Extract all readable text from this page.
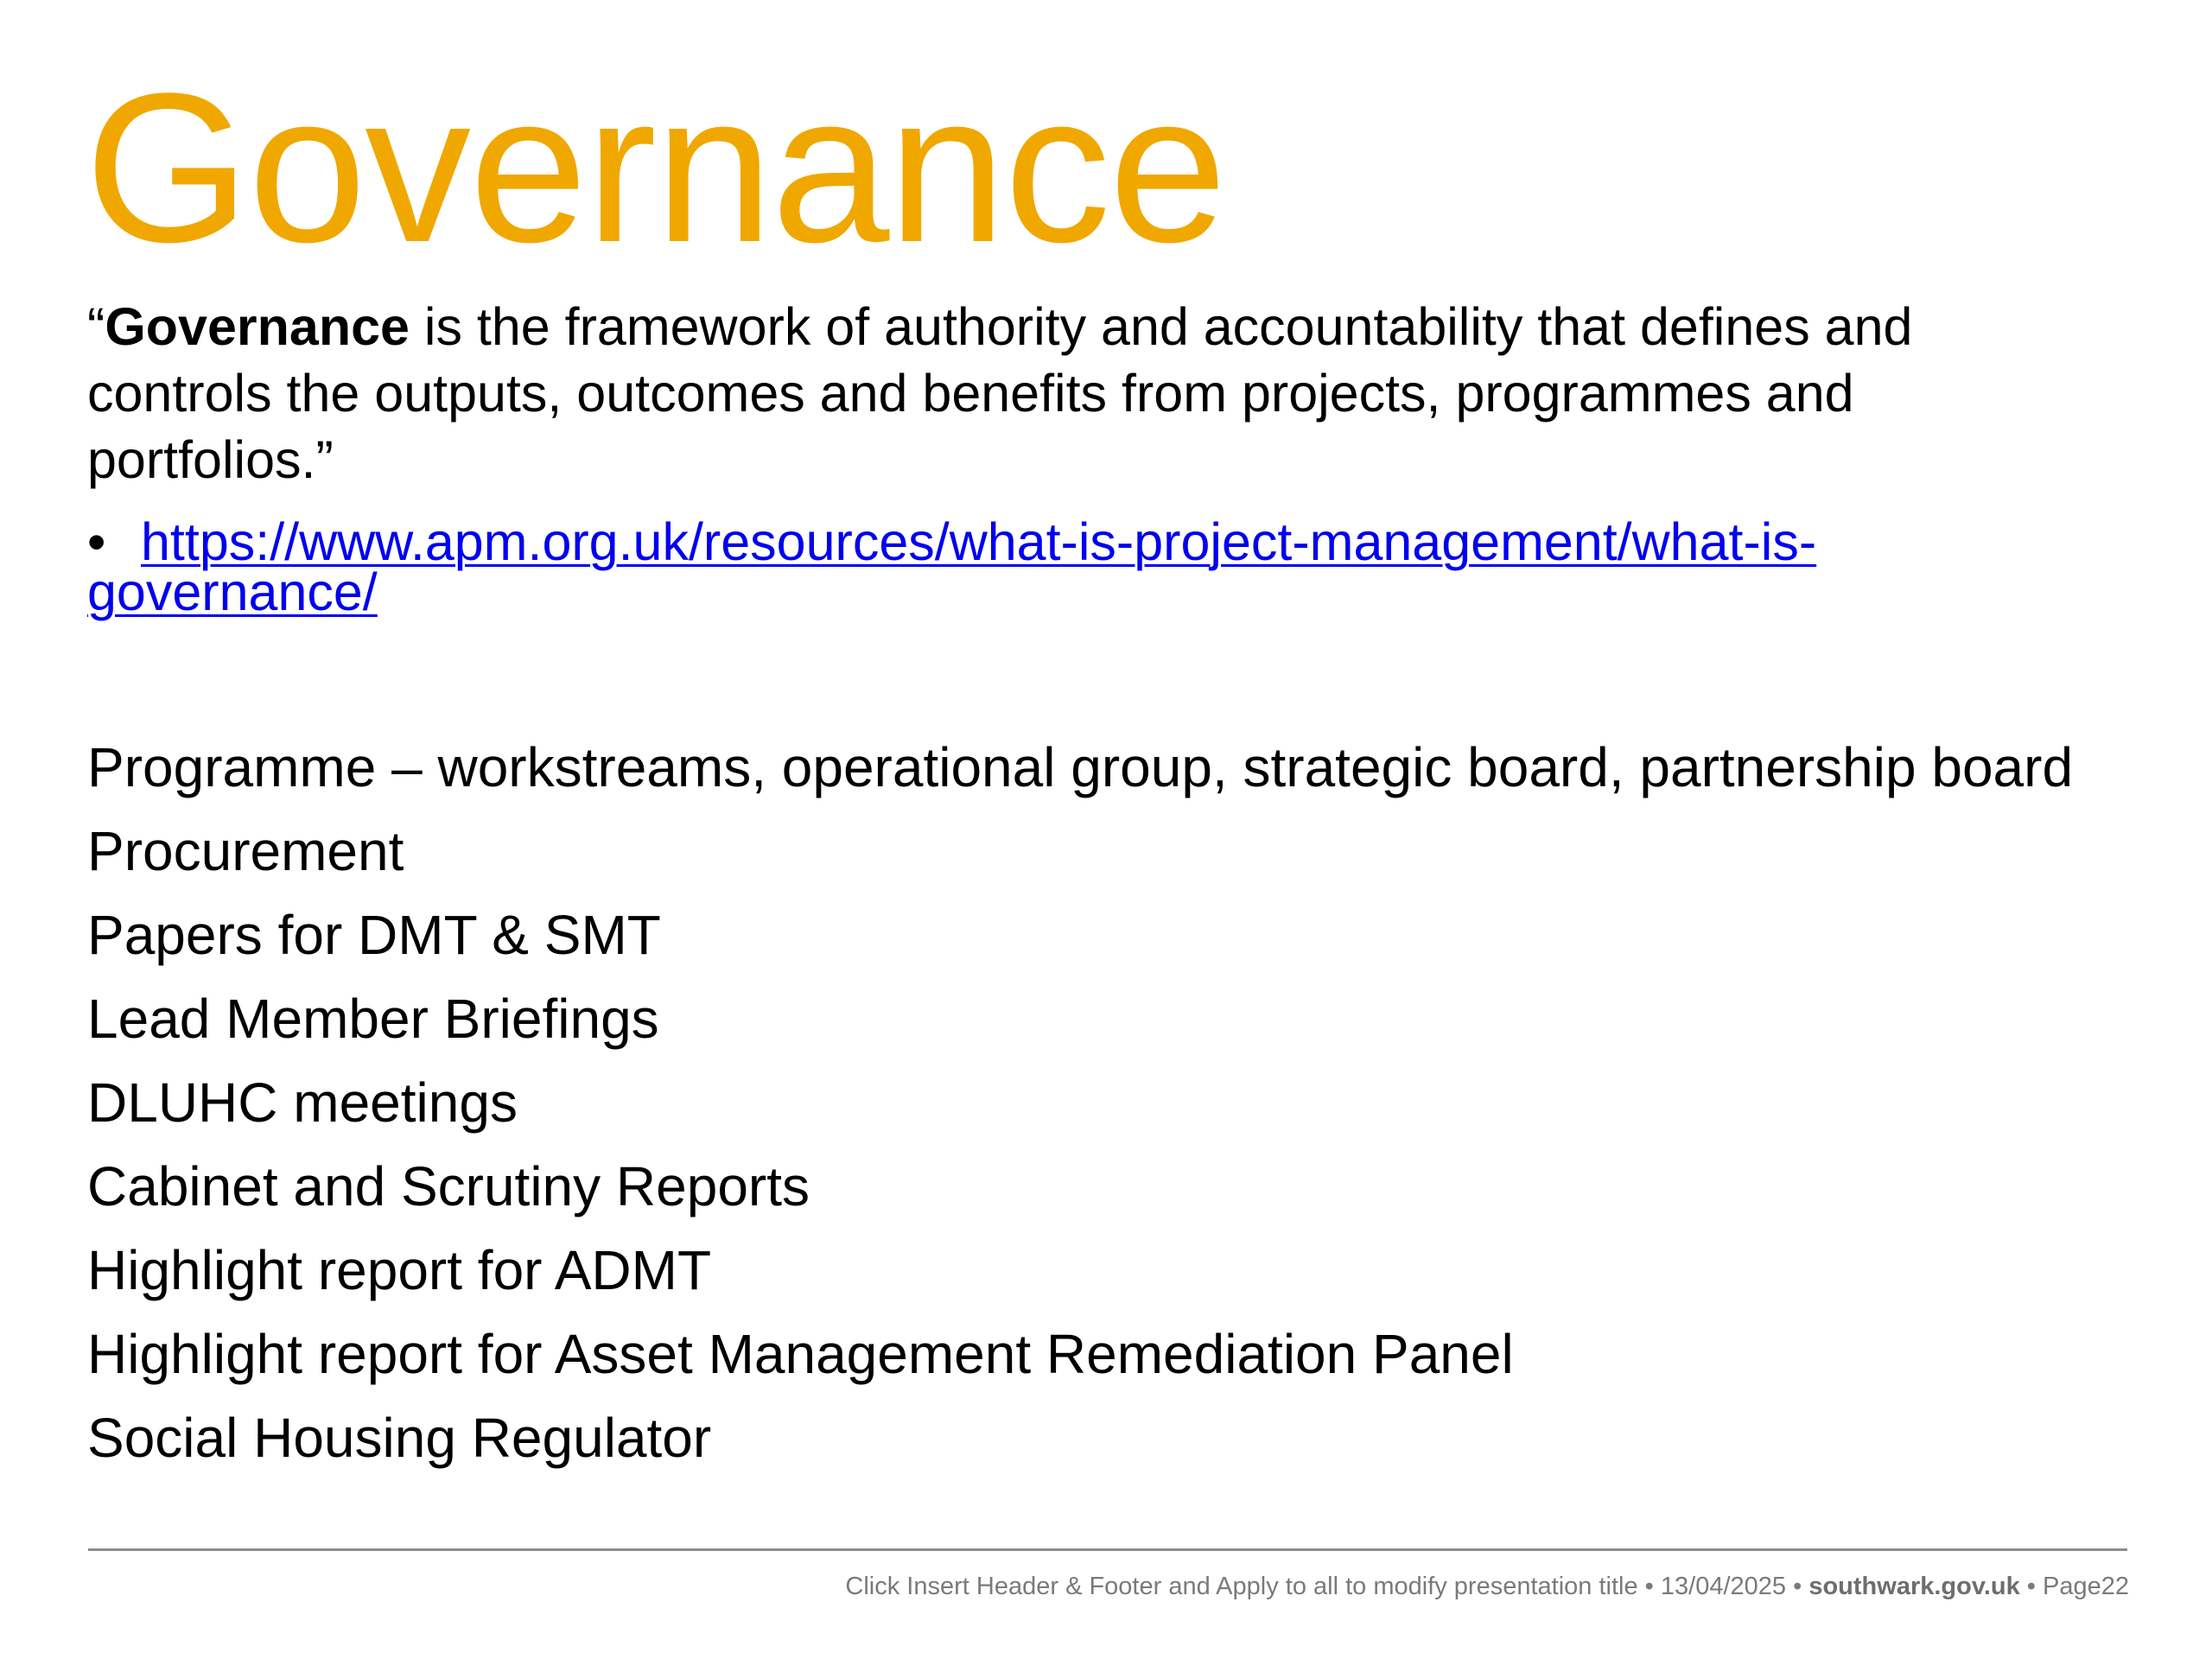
Governance

“Governance is the framework of authority and accountability that defines and controls the outputs, outcomes and benefits from projects, programmes and portfolios.”

• https://www.apm.org.uk/resources/what-is-project-management/what-is-governance/

Programme – workstreams, operational group, strategic board, partnership board
Procurement
Papers for DMT & SMT
Lead Member Briefings
DLUHC meetings
Cabinet and Scrutiny Reports
Highlight report for ADMT
Highlight report for Asset Management Remediation Panel
Social Housing Regulator
Click Insert Header & Footer and Apply to all to modify presentation title • 13/04/2025 • southwark.gov.uk • Page22
